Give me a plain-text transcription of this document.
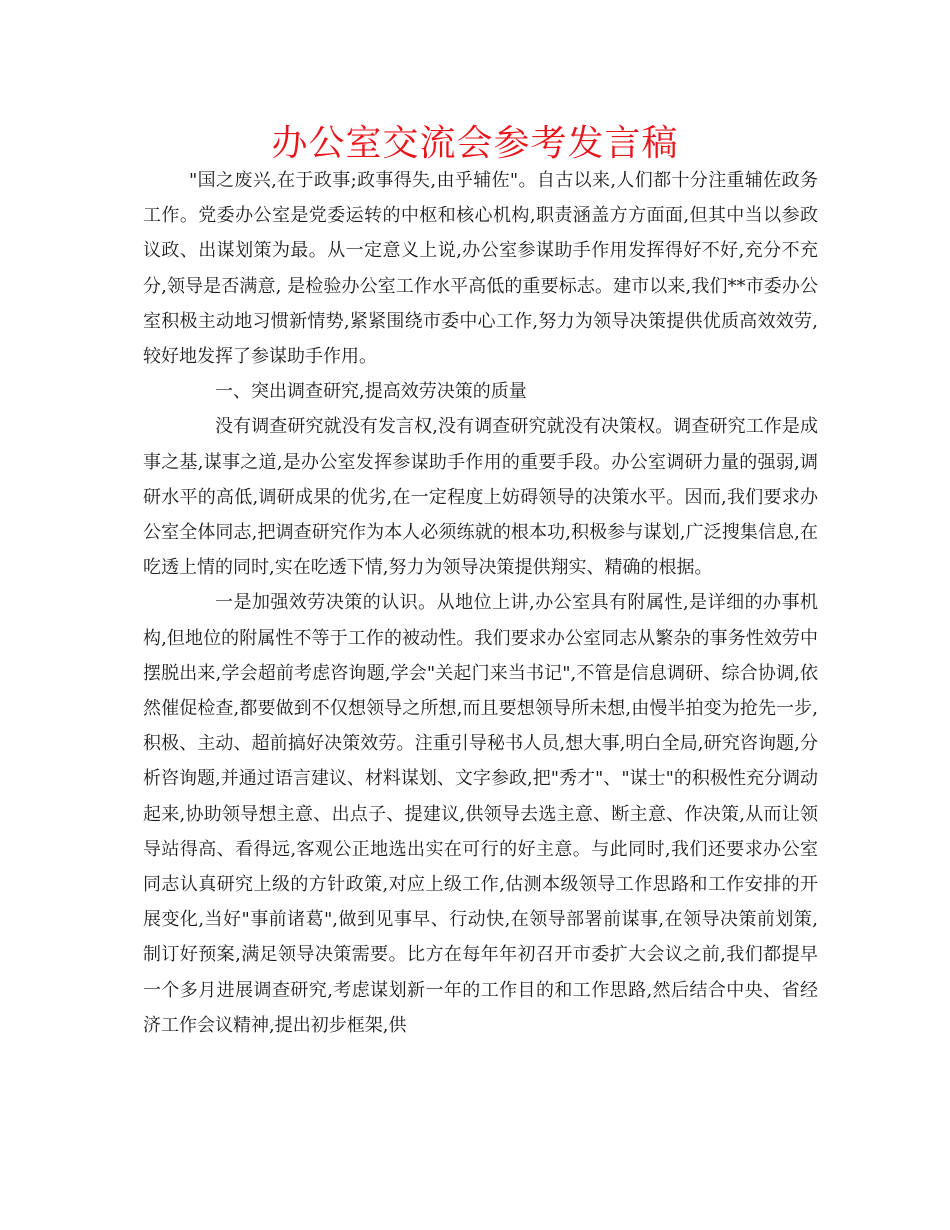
办公室交流会参考发言稿

"国之废兴,在于政事;政事得失,由乎辅佐"。自古以来,人们都十分注重辅佐政务工作。党委办公室是党委运转的中枢和核心机构,职责涵盖方方面面,但其中当以参政议政、出谋划策为最。从一定意义上说,办公室参谋助手作用发挥得好不好,充分不充分,领导是否满意, 是检验办公室工作水平高低的重要标志。建市以来,我们**市委办公室积极主动地习惯新情势,紧紧围绕市委中心工作,努力为领导决策提供优质高效效劳,较好地发挥了参谋助手作用。

一、突出调查研究,提高效劳决策的质量

没有调查研究就没有发言权,没有调查研究就没有决策权。调查研究工作是成事之基,谋事之道,是办公室发挥参谋助手作用的重要手段。办公室调研力量的强弱,调研水平的高低,调研成果的优劣,在一定程度上妨碍领导的决策水平。因而,我们要求办公室全体同志,把调查研究作为本人必须练就的根本功,积极参与谋划,广泛搜集信息,在吃透上情的同时,实在吃透下情,努力为领导决策提供翔实、精确的根据。

一是加强效劳决策的认识。从地位上讲,办公室具有附属性,是详细的办事机构,但地位的附属性不等于工作的被动性。我们要求办公室同志从繁杂的事务性效劳中摆脱出来,学会超前考虑咨询题,学会"关起门来当书记",不管是信息调研、综合协调,依然催促检查,都要做到不仅想领导之所想,而且要想领导所未想,由慢半拍变为抢先一步,积极、主动、超前搞好决策效劳。注重引导秘书人员,想大事,明白全局,研究咨询题,分析咨询题,并通过语言建议、材料谋划、文字参政,把"秀才"、"谋士"的积极性充分调动起来,协助领导想主意、出点子、提建议,供领导去选主意、断主意、作决策,从而让领导站得高、看得远,客观公正地选出实在可行的好主意。与此同时,我们还要求办公室同志认真研究上级的方针政策,对应上级工作,估测本级领导工作思路和工作安排的开展变化,当好"事前诸葛",做到见事早、行动快,在领导部署前谋事,在领导决策前划策,制订好预案,满足领导决策需要。比方在每年年初召开市委扩大会议之前,我们都提早一个多月进展调查研究,考虑谋划新一年的工作目的和工作思路,然后结合中央、省经济工作会议精神,提出初步框架,供
